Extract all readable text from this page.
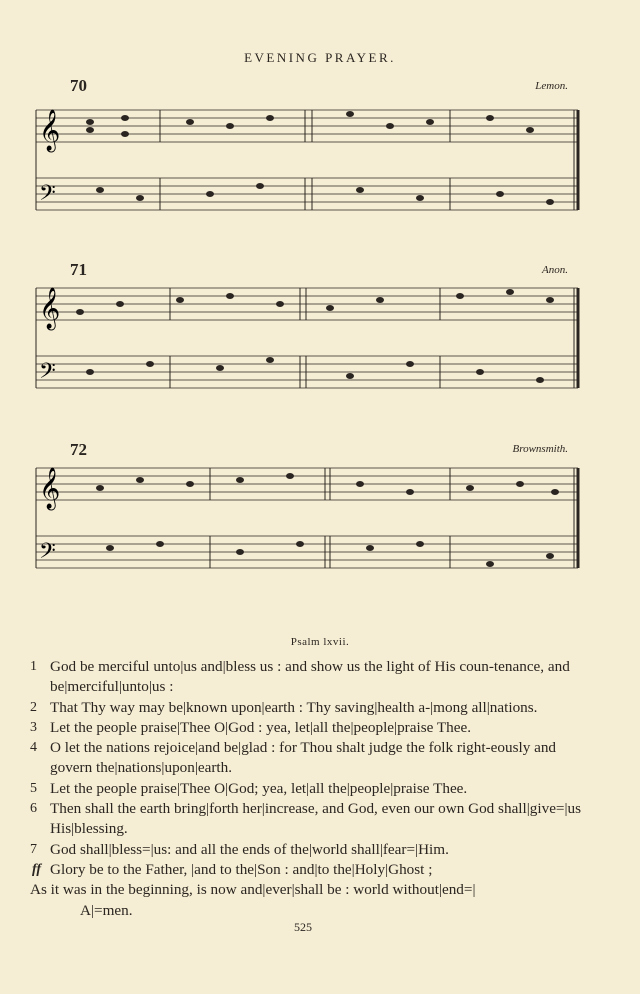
EVENING PRAYER.
70	Lemon.
𝄞
𝄢
71	Anon.
𝄞
𝄢
72	Brownsmith.
𝄞
𝄢
Psalm lxvii.
1 God be merciful unto|us and|bless us : and show us the light of His coun-tenance, and be|merciful|unto|us :
2 That Thy way may be|known upon|earth : Thy saving|health a-|mong all|nations.
3 Let the people praise|Thee O|God : yea, let|all the|people|praise Thee.
4 O let the nations rejoice|and be|glad : for Thou shalt judge the folk right-eously and govern the|nations|upon|earth.
5 Let the people praise|Thee O|God; yea, let|all the|people|praise Thee.
6 Then shall the earth bring|forth her|increase, and God, even our own God shall|give=|us His|blessing.
7 God shall|bless=|us: and all the ends of the|world shall|fear=|Him.
ff Glory be to the Father, |and to the|Son : and|to the|Holy|Ghost ;
As it was in the beginning, is now and|ever|shall be : world without|end=|
A|=men.
525
